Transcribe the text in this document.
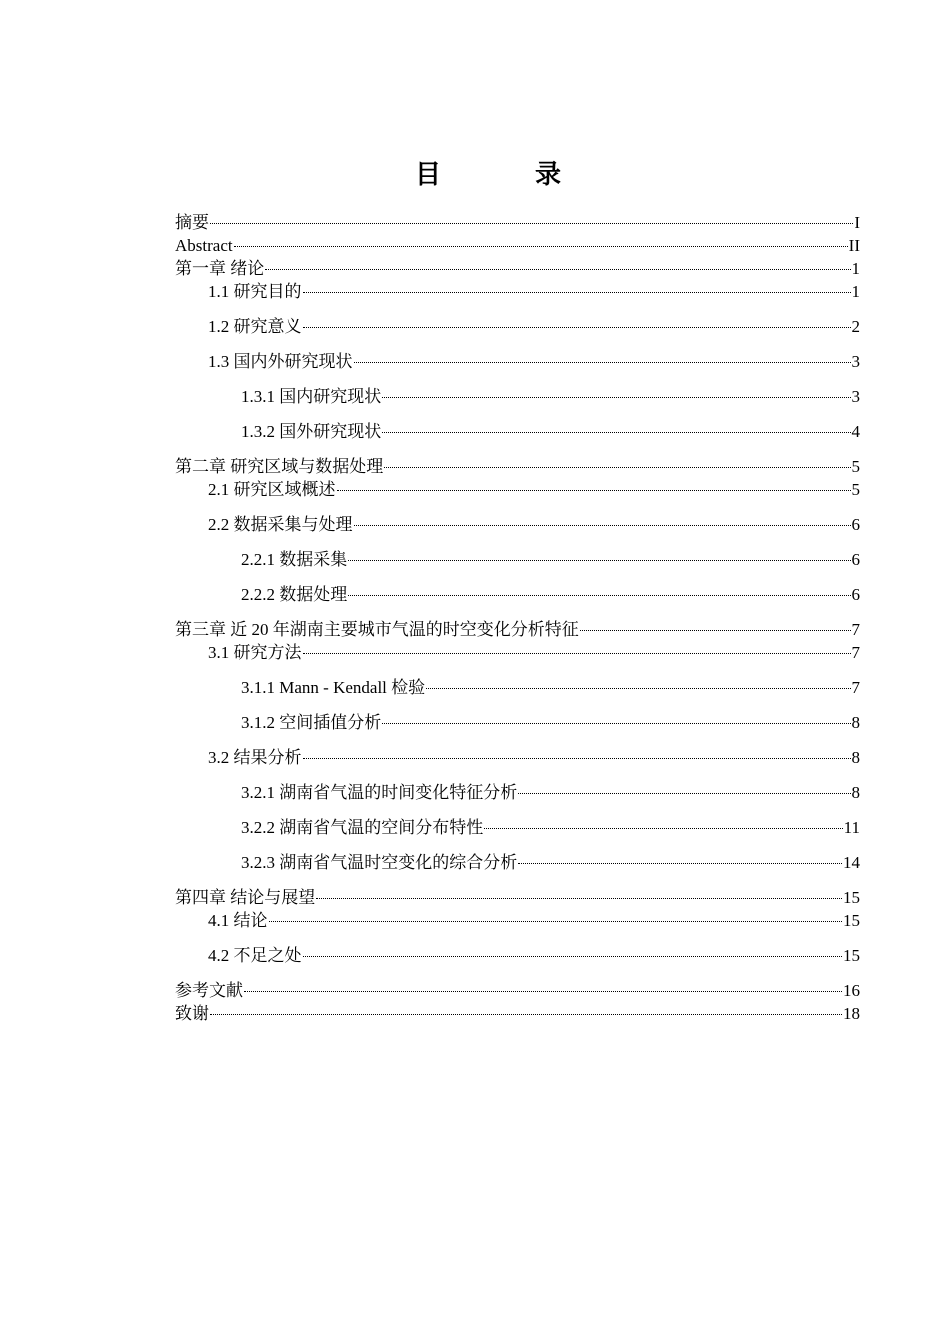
目　录
摘要	I
Abstract	II
第一章 绪论	1
1.1 研究目的	1
1.2 研究意义	2
1.3 国内外研究现状	3
1.3.1 国内研究现状	3
1.3.2 国外研究现状	4
第二章 研究区域与数据处理	5
2.1 研究区域概述	5
2.2 数据采集与处理	6
2.2.1 数据采集	6
2.2.2 数据处理	6
第三章 近 20 年湖南主要城市气温的时空变化分析特征	7
3.1 研究方法	7
3.1.1 Mann - Kendall 检验	7
3.1.2 空间插值分析	8
3.2 结果分析	8
3.2.1 湖南省气温的时间变化特征分析	8
3.2.2 湖南省气温的空间分布特性	11
3.2.3 湖南省气温时空变化的综合分析	14
第四章 结论与展望	15
4.1 结论	15
4.2 不足之处	15
参考文献	16
致谢	18
